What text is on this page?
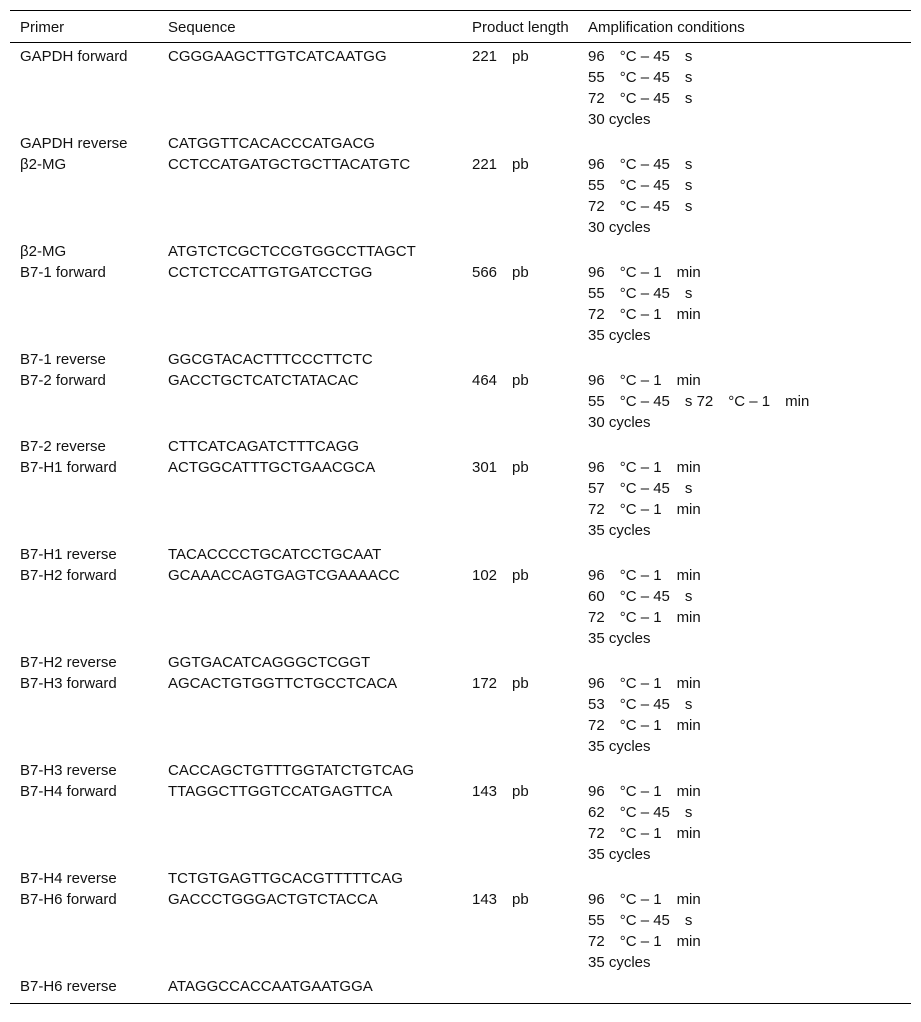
Primer	Sequence	Product length	Amplification conditions
GAPDH forward	CGGGAAGCTTGTCATCAATGG	221     pb	96     °C – 45     s
55     °C – 45     s
72     °C – 45     s
30 cycles

GAPDH reverse	CATGGTTCACACCCATGACG		
β2-MG	CCTCCATGATGCTGCTTACATGTC	221     pb	96     °C – 45     s
55     °C – 45     s
72     °C – 45     s
30 cycles

β2-MG	ATGTCTCGCTCCGTGGCCTTAGCT		
B7-1 forward	CCTCTCCATTGTGATCCTGG	566     pb	96     °C – 1     min
55     °C – 45     s
72     °C – 1     min
35 cycles

B7-1 reverse	GGCGTACACTTTCCCTTCTC		
B7-2 forward	GACCTGCTCATCTATACAC	464     pb	96     °C – 1     min
55     °C – 45     s 72     °C – 1     min
30 cycles

B7-2 reverse	CTTCATCAGATCTTTCAGG		
B7-H1 forward	ACTGGCATTTGCTGAACGCA	301     pb	96     °C – 1     min
57     °C – 45     s
72     °C – 1     min
35 cycles

B7-H1 reverse	TACACCCCTGCATCCTGCAAT		
B7-H2 forward	GCAAACCAGTGAGTCGAAAACC	102     pb	96     °C – 1     min
60     °C – 45     s
72     °C – 1     min
35 cycles

B7-H2 reverse	GGTGACATCAGGGCTCGGT		
B7-H3 forward	AGCACTGTGGTTCTGCCTCACA	172     pb	96     °C – 1     min
53     °C – 45     s
72     °C – 1     min
35 cycles

B7-H3 reverse	CACCAGCTGTTTGGTATCTGTCAG		
B7-H4 forward	TTAGGCTTGGTCCATGAGTTCA	143     pb	96     °C – 1     min
62     °C – 45     s
72     °C – 1     min
35 cycles

B7-H4 reverse	TCTGTGAGTTGCACGTTTTTCAG		
B7-H6 forward	GACCCTGGGACTGTCTACCA	143     pb	96     °C – 1     min
55     °C – 45     s
72     °C – 1     min
35 cycles

B7-H6 reverse	ATAGGCCACCAATGAATGGA		
